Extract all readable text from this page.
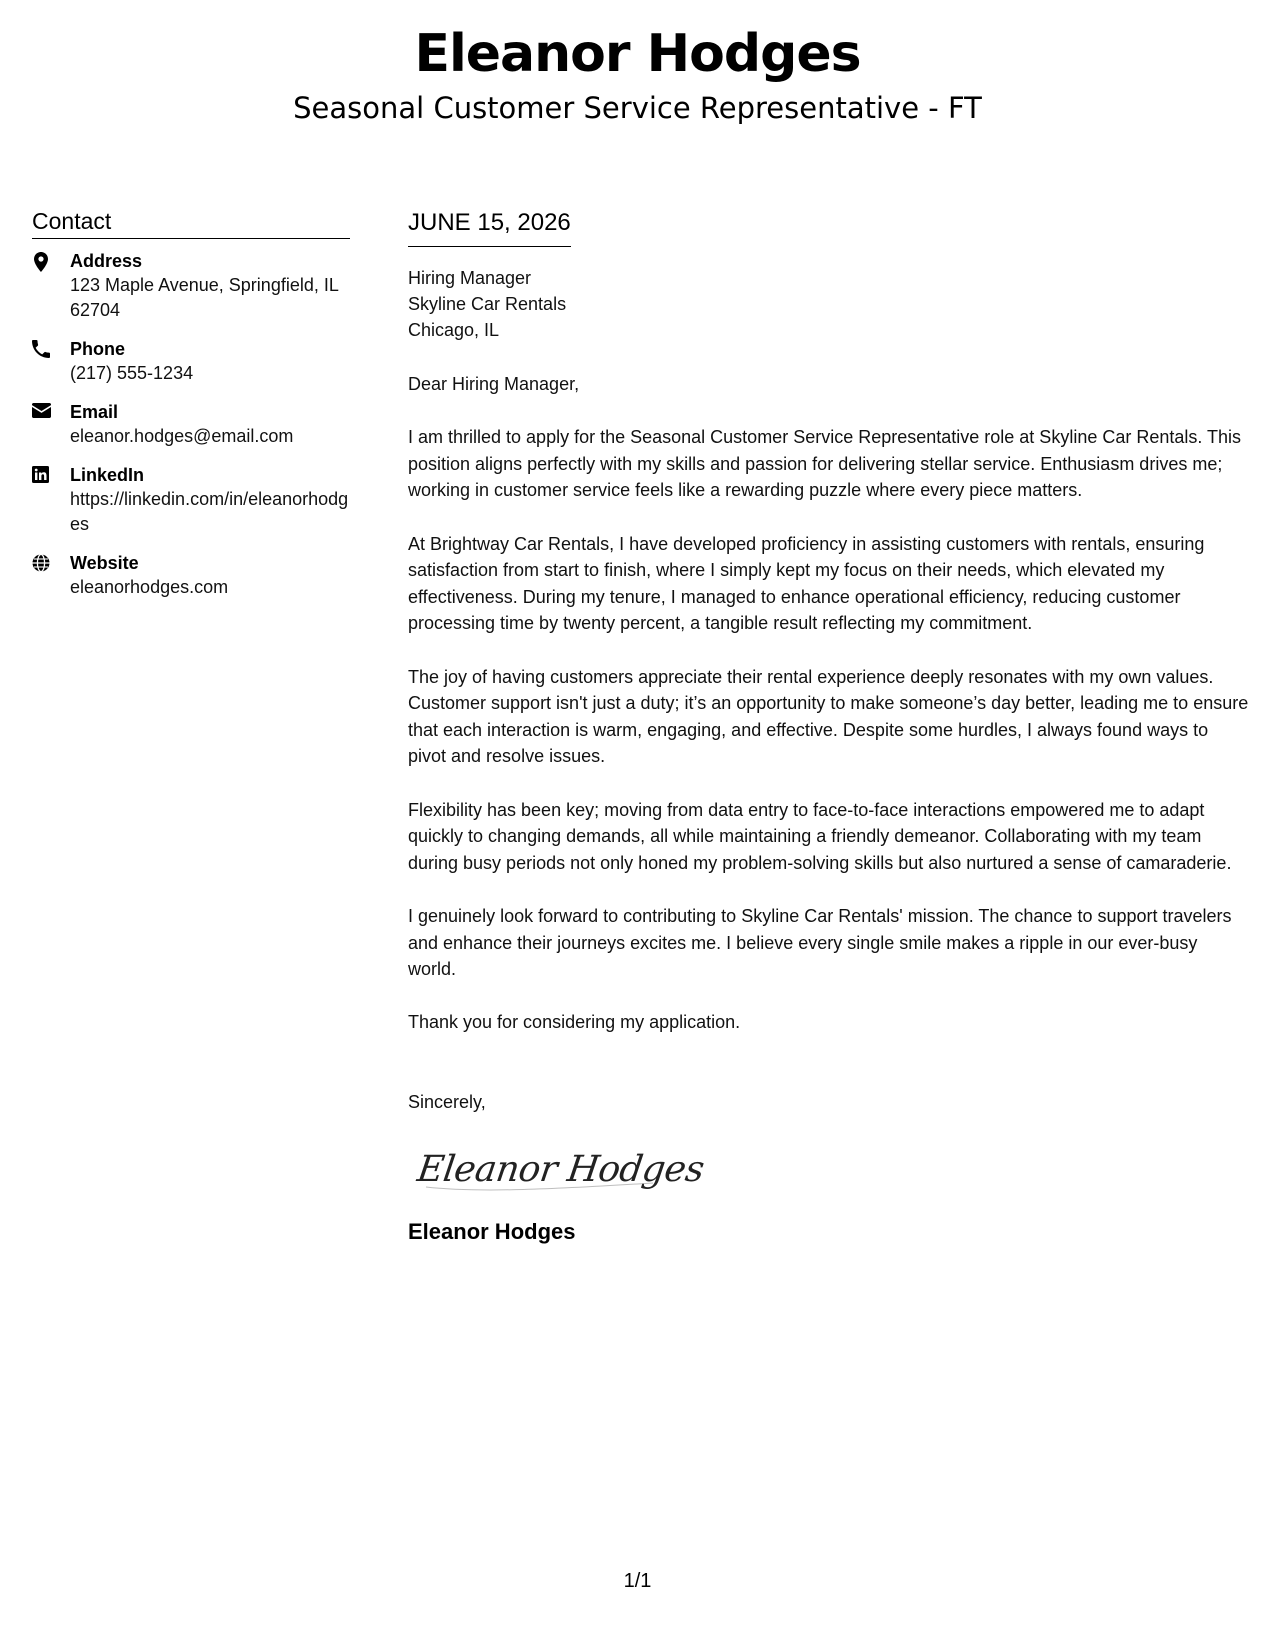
Eleanor Hodges
Seasonal Customer Service Representative - FT
Contact
Address
123 Maple Avenue, Springfield, IL 62704
Phone
(217) 555-1234
Email
eleanor.hodges@email.com
LinkedIn
https://linkedin.com/in/eleanorhodges
Website
eleanorhodges.com
JUNE 15, 2026
Hiring Manager
Skyline Car Rentals
Chicago, IL
Dear Hiring Manager,
I am thrilled to apply for the Seasonal Customer Service Representative role at Skyline Car Rentals. This position aligns perfectly with my skills and passion for delivering stellar service. Enthusiasm drives me; working in customer service feels like a rewarding puzzle where every piece matters.
At Brightway Car Rentals, I have developed proficiency in assisting customers with rentals, ensuring satisfaction from start to finish, where I simply kept my focus on their needs, which elevated my effectiveness. During my tenure, I managed to enhance operational efficiency, reducing customer processing time by twenty percent, a tangible result reflecting my commitment.
The joy of having customers appreciate their rental experience deeply resonates with my own values. Customer support isn't just a duty; it’s an opportunity to make someone’s day better, leading me to ensure that each interaction is warm, engaging, and effective. Despite some hurdles, I always found ways to pivot and resolve issues.
Flexibility has been key; moving from data entry to face-to-face interactions empowered me to adapt quickly to changing demands, all while maintaining a friendly demeanor. Collaborating with my team during busy periods not only honed my problem-solving skills but also nurtured a sense of camaraderie.
I genuinely look forward to contributing to Skyline Car Rentals' mission. The chance to support travelers and enhance their journeys excites me. I believe every single smile makes a ripple in our ever-busy world.
Thank you for considering my application.
Sincerely,
Eleanor Hodges
Eleanor Hodges
1/1
